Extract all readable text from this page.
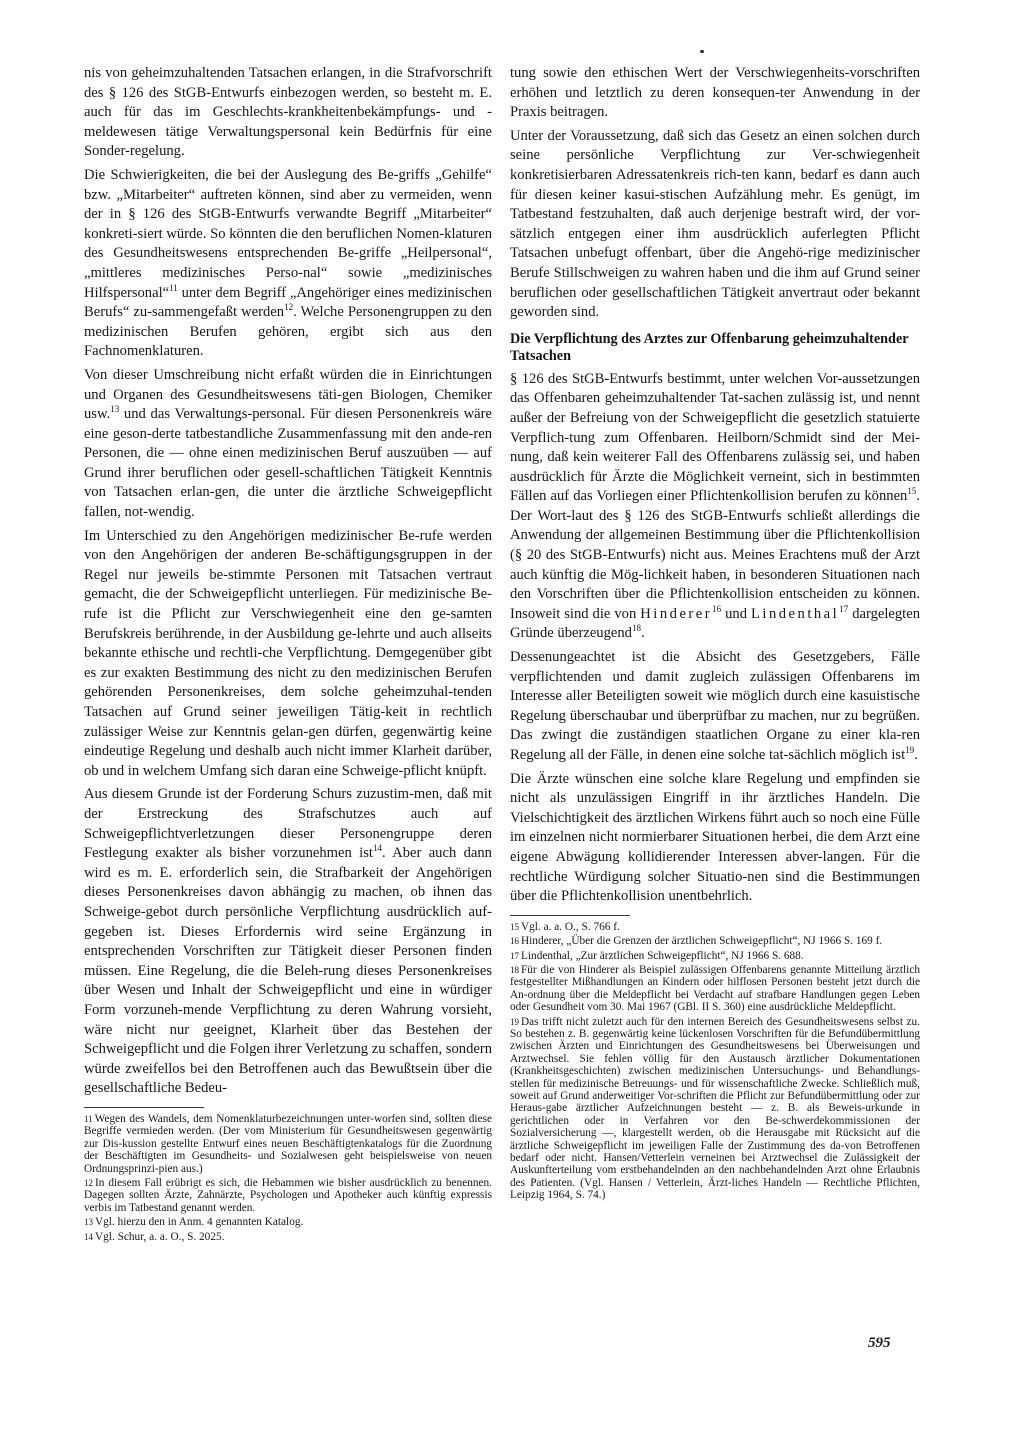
nis von geheimzuhaltenden Tatsachen erlangen, in die Strafvorschrift des § 126 des StGB-Entwurfs einbezogen werden, so besteht m. E. auch für das im Geschlechts-krankheitenbekämpfungs- und -meldewesen tätige Verwaltungspersonal kein Bedürfnis für eine Sonder-regelung.

Die Schwierigkeiten, die bei der Auslegung des Be-griffs „Gehilfe“ bzw. „Mitarbeiter“ auftreten können, sind aber zu vermeiden, wenn der in § 126 des StGB-Entwurfs verwandte Begriff „Mitarbeiter“ konkreti-siert würde. So könnten die den beruflichen Nomen-klaturen des Gesundheitswesens entsprechenden Be-griffe „Heilpersonal“, „mittleres medizinisches Perso-nal“ sowie „medizinisches Hilfspersonal“$^{11}$ unter dem Begriff „Angehöriger eines medizinischen Berufs“ zu-sammengefaßt werden$^{12}$. Welche Personengruppen zu den medizinischen Berufen gehören, ergibt sich aus den Fachnomenklaturen.

Von dieser Umschreibung nicht erfaßt würden die in Einrichtungen und Organen des Gesundheitswesens täti-gen Biologen, Chemiker usw.$^{13}$ und das Verwaltungs-personal. Für diesen Personenkreis wäre eine geson-derte tatbestandliche Zusammenfassung mit den ande-ren Personen, die — ohne einen medizinischen Beruf auszuüben — auf Grund ihrer beruflichen oder gesell-schaftlichen Tätigkeit Kenntnis von Tatsachen erlan-gen, die unter die ärztliche Schweigepflicht fallen, not-wendig.

Im Unterschied zu den Angehörigen medizinischer Be-rufe werden von den Angehörigen der anderen Be-schäftigungsgruppen in der Regel nur jeweils be-stimmte Personen mit Tatsachen vertraut gemacht, die der Schweigepflicht unterliegen. Für medizinische Be-rufe ist die Pflicht zur Verschwiegenheit eine den ge-samten Berufskreis berührende, in der Ausbildung ge-lehrte und auch allseits bekannte ethische und rechtli-che Verpflichtung. Demgegenüber gibt es zur exakten Bestimmung des nicht zu den medizinischen Berufen gehörenden Personenkreises, dem solche geheimzuhal-tenden Tatsachen auf Grund seiner jeweiligen Tätig-keit in rechtlich zulässiger Weise zur Kenntnis gelan-gen dürfen, gegenwärtig keine eindeutige Regelung und deshalb auch nicht immer Klarheit darüber, ob und in welchem Umfang sich daran eine Schweige-pflicht knüpft.

Aus diesem Grunde ist der Forderung Schurs zuzustim-men, daß mit der Erstreckung des Strafschutzes auch auf Schweigepflichtverletzungen dieser Personengruppe deren Festlegung exakter als bisher vorzunehmen ist$^{14}$. Aber auch dann wird es m. E. erforderlich sein, die Strafbarkeit der Angehörigen dieses Personenkreises davon abhängig zu machen, ob ihnen das Schweige-gebot durch persönliche Verpflichtung ausdrücklich auf-gegeben ist. Dieses Erfordernis wird seine Ergänzung in entsprechenden Vorschriften zur Tätigkeit dieser Personen finden müssen. Eine Regelung, die die Beleh-rung dieses Personenkreises über Wesen und Inhalt der Schweigepflicht und eine in würdiger Form vorzuneh-mende Verpflichtung zu deren Wahrung vorsieht, wäre nicht nur geeignet, Klarheit über das Bestehen der Schweigepflicht und die Folgen ihrer Verletzung zu schaffen, sondern würde zweifellos bei den Betroffenen auch das Bewußtsein über die gesellschaftliche Bedeu-

$^{11}$ Wegen des Wandels, dem Nomenklaturbezeichnungen unter-worfen sind, sollten diese Begriffe vermieden werden. (Der vom Ministerium für Gesundheitswesen gegenwärtig zur Dis-kussion gestellte Entwurf eines neuen Beschäftigtenkatalogs für die Zuordnung der Beschäftigten im Gesundheits- und Sozialwesen geht beispielsweise von neuen Ordnungsprinzi-pien aus.)

$^{12}$ In diesem Fall erübrigt es sich, die Hebammen wie bisher ausdrücklich zu benennen. Dagegen sollten Ärzte, Zahnärzte, Psychologen und Apotheker auch künftig expressis verbis im Tatbestand genannt werden.

$^{13}$ Vgl. hierzu den in Anm. 4 genannten Katalog.

$^{14}$ Vgl. Schur, a. a. O., S. 2025.

tung sowie den ethischen Wert der Verschwiegenheits-vorschriften erhöhen und letztlich zu deren konsequen-ter Anwendung in der Praxis beitragen.

Unter der Voraussetzung, daß sich das Gesetz an einen solchen durch seine persönliche Verpflichtung zur Ver-schwiegenheit konkretisierbaren Adressatenkreis rich-ten kann, bedarf es dann auch für diesen keiner kasui-stischen Aufzählung mehr. Es genügt, im Tatbestand festzuhalten, daß auch derjenige bestraft wird, der vor-sätzlich entgegen einer ihm ausdrücklich auferlegten Pflicht Tatsachen unbefugt offenbart, über die Angehö-rige medizinischer Berufe Stillschweigen zu wahren haben und die ihm auf Grund seiner beruflichen oder gesellschaftlichen Tätigkeit anvertraut oder bekannt geworden sind.

Die Verpflichtung des Arztes zur Offenbarung geheimzuhaltender Tatsachen

§ 126 des StGB-Entwurfs bestimmt, unter welchen Vor-aussetzungen das Offenbaren geheimzuhaltender Tat-sachen zulässig ist, und nennt außer der Befreiung von der Schweigepflicht die gesetzlich statuierte Verpflich-tung zum Offenbaren. Heilborn/Schmidt sind der Mei-nung, daß kein weiterer Fall des Offenbarens zulässig sei, und haben ausdrücklich für Ärzte die Möglichkeit verneint, sich in bestimmten Fällen auf das Vorliegen einer Pflichtenkollision berufen zu können$^{15}$. Der Wort-laut des § 126 des StGB-Entwurfs schließt allerdings die Anwendung der allgemeinen Bestimmung über die Pflichtenkollision (§ 20 des StGB-Entwurfs) nicht aus. Meines Erachtens muß der Arzt auch künftig die Mög-lichkeit haben, in besonderen Situationen nach den Vorschriften über die Pflichtenkollision entscheiden zu können. Insoweit sind die von Hinderer$^{16}$ und Lindenthal$^{17}$ dargelegten Gründe überzeugend$^{18}$.

Dessenungeachtet ist die Absicht des Gesetzgebers, Fälle verpflichtenden und damit zugleich zulässigen Offenbarens im Interesse aller Beteiligten soweit wie möglich durch eine kasuistische Regelung überschaubar und überprüfbar zu machen, nur zu begrüßen. Das zwingt die zuständigen staatlichen Organe zu einer kla-ren Regelung all der Fälle, in denen eine solche tat-sächlich möglich ist$^{19}$.

Die Ärzte wünschen eine solche klare Regelung und empfinden sie nicht als unzulässigen Eingriff in ihr ärztliches Handeln. Die Vielschichtigkeit des ärztlichen Wirkens führt auch so noch eine Fülle im einzelnen nicht normierbarer Situationen herbei, die dem Arzt eine eigene Abwägung kollidierender Interessen abver-langen. Für die rechtliche Würdigung solcher Situatio-nen sind die Bestimmungen über die Pflichtenkollision unentbehrlich.

$^{15}$ Vgl. a. a. O., S. 766 f.

$^{16}$ Hinderer, „Über die Grenzen der ärztlichen Schweigepflicht“, NJ 1966 S. 169 f.

$^{17}$ Lindenthal, „Zur ärztlichen Schweigepflicht“, NJ 1966 S. 688.

$^{18}$ Für die von Hinderer als Beispiel zulässigen Offenbarens genannte Mitteilung ärztlich festgestellter Mißhandlungen an Kindern oder hilflosen Personen besteht jetzt durch die An-ordnung über die Meldepflicht bei Verdacht auf strafbare Handlungen gegen Leben oder Gesundheit vom 30. Mai 1967 (GBl. II S. 360) eine ausdrückliche Meldepflicht.

$^{19}$ Das trifft nicht zuletzt auch für den internen Bereich des Gesundheitswesens selbst zu. So bestehen z. B. gegenwärtig keine lückenlosen Vorschriften für die Befundübermittlung zwischen Ärzten und Einrichtungen des Gesundheitswesens bei Überweisungen und Arztwechsel. Sie fehlen völlig für den Austausch ärztlicher Dokumentationen (Krankheitsgeschichten) zwischen medizinischen Untersuchungs- und Behandlungs-stellen für medizinische Betreuungs- und für wissenschaftliche Zwecke. Schließlich muß, soweit auf Grund anderweitiger Vor-schriften die Pflicht zur Befundübermittlung oder zur Heraus-gabe ärztlicher Aufzeichnungen besteht — z. B. als Beweis-urkunde in gerichtlichen oder in Verfahren vor den Be-schwerdekommissionen der Sozialversicherung —, klargestellt werden, ob die Herausgabe mit Rücksicht auf die ärztliche Schweigepflicht im jeweiligen Falle der Zustimmung des da-von Betroffenen bedarf oder nicht. Hansen/Vetterlein verneinen bei Arztwechsel die Zulässigkeit der Auskunfterteilung vom erstbehandelnden an den nachbehandelnden Arzt ohne Erlaubnis des Patienten. (Vgl. Hansen / Vetterlein, Ärzt-liches Handeln — Rechtliche Pflichten, Leipzig 1964, S. 74.)

595
